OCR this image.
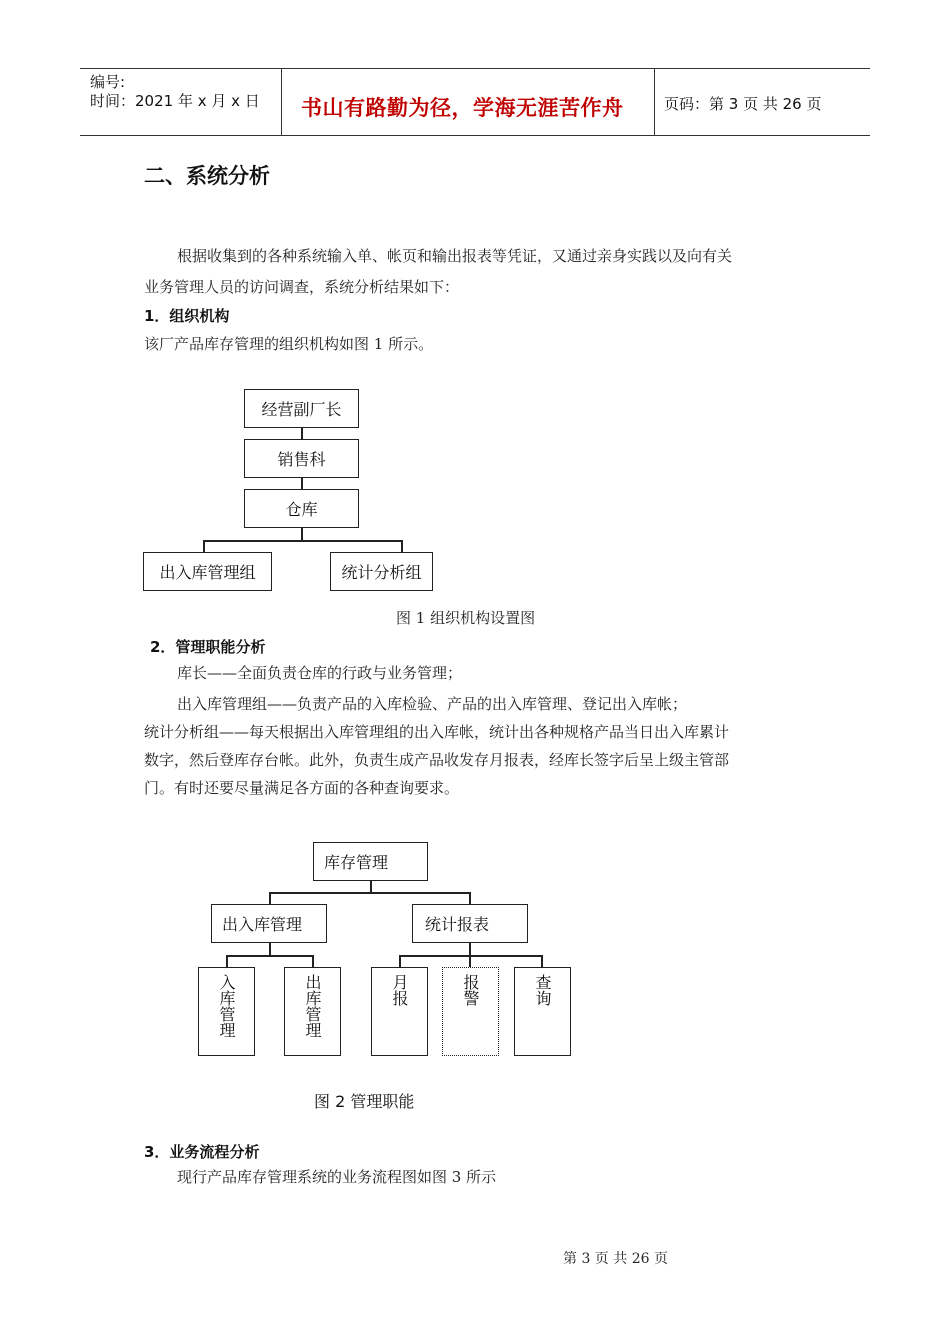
编号:
时间：2021 年 x 月 x 日 书山有路勤为径，学海无涯苦作舟	页码：第 3 页 共 26 页
二、系统分析
根据收集到的各种系统输入单、帐页和输出报表等凭证，又通过亲身实践以及向有关
业务管理人员的访问调查，系统分析结果如下：
1．组织机构
该厂产品库存管理的组织机构如图 1 所示。
经营副厂长
销售科
仓库
出入库管理组	统计分析组
图 1 组织机构设置图
2．管理职能分析
库长——全面负责仓库的行政与业务管理；
出入库管理组——负责产品的入库检验、产品的出入库管理、登记出入库帐；
统计分析组——每天根据出入库管理组的出入库帐，统计出各种规格产品当日出入库累计
数字，然后登库存台帐。此外，负责生成产品收发存月报表，经库长签字后呈上级主管部
门。有时还要尽量满足各方面的各种查询要求。
库存管理
出入库管理	统计报表
入库管理	出库管理	月报	报警	查询
图 2 管理职能
3．业务流程分析
现行产品库存管理系统的业务流程图如图 3 所示
第 3 页 共 26 页
